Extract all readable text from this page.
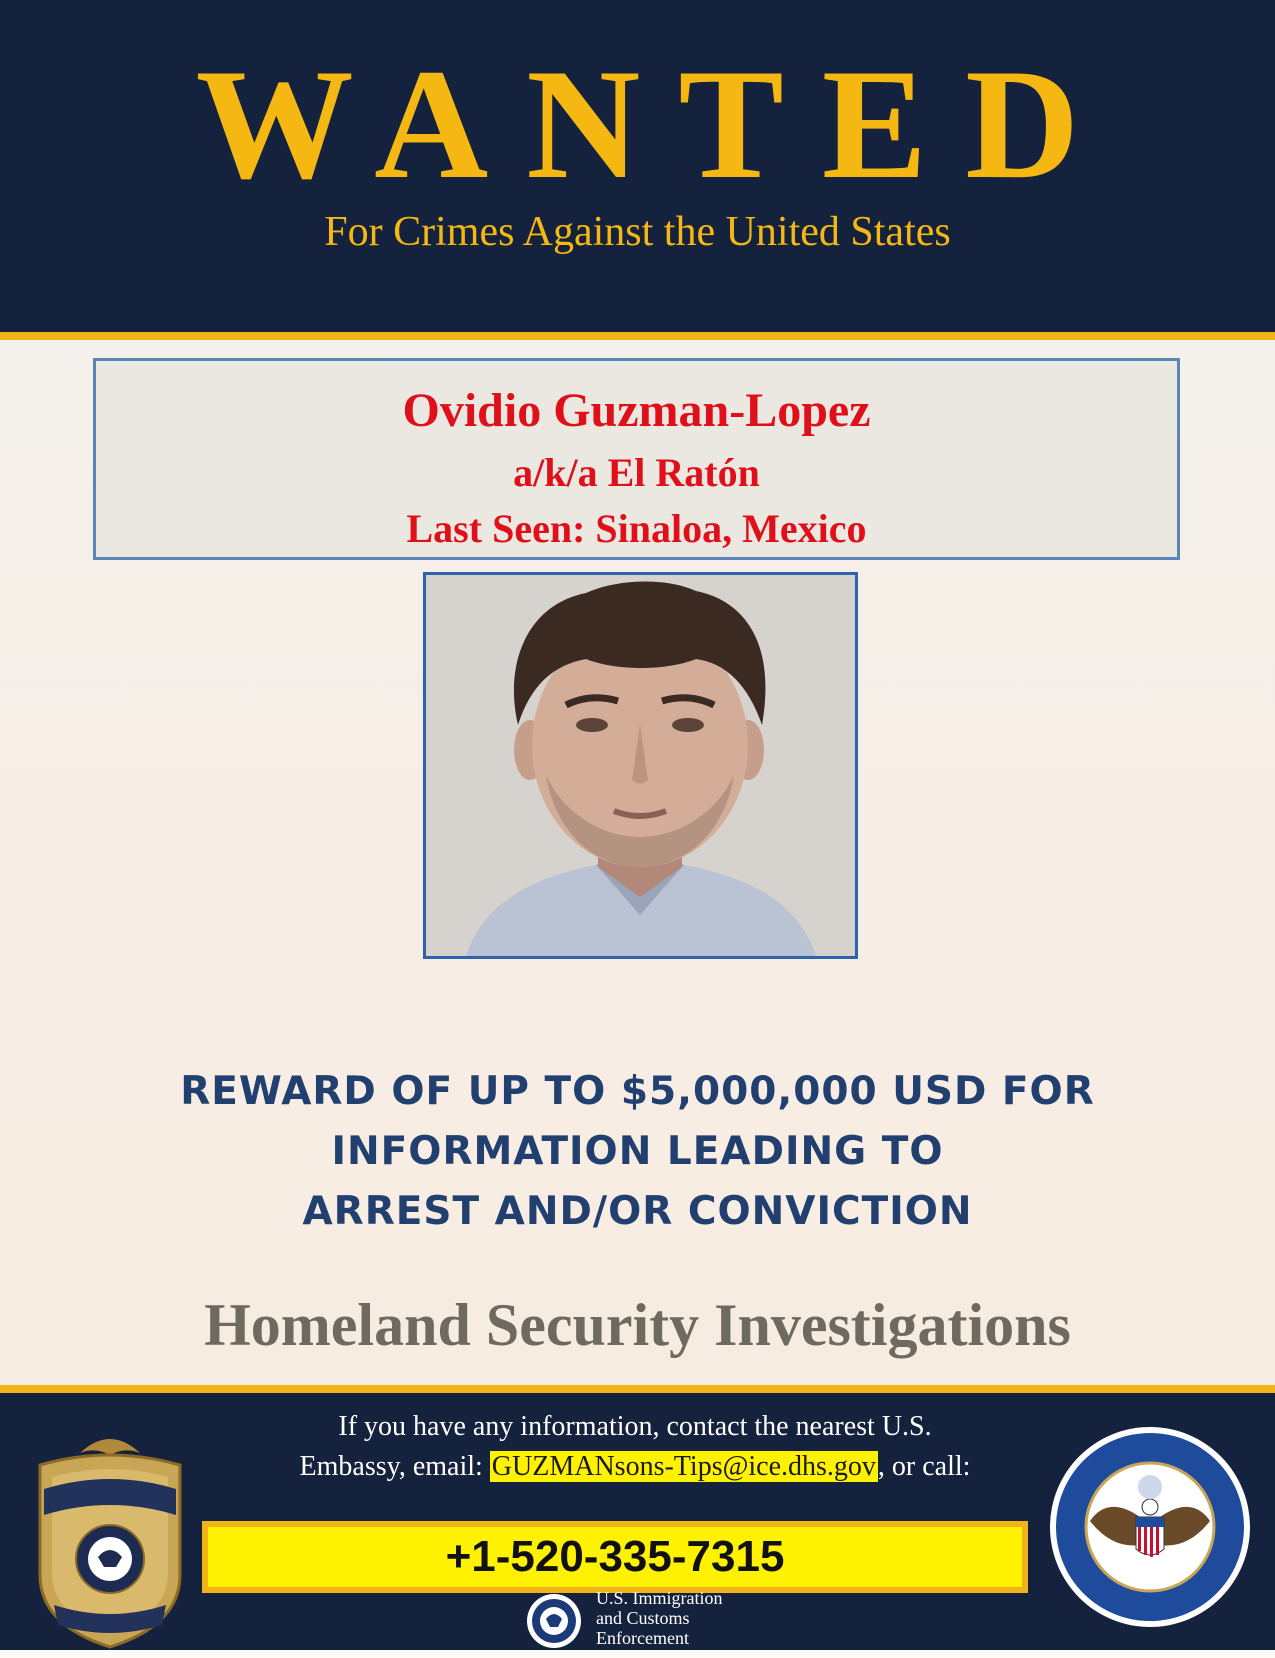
WANTED
For Crimes Against the United States
Ovidio Guzman-Lopez
a/k/a El Ratón
Last Seen: Sinaloa, Mexico
REWARD OF UP TO $5,000,000 USD FOR
INFORMATION LEADING TO
ARREST AND/OR CONVICTION
Homeland Security Investigations
If you have any information, contact the nearest U.S.
Embassy, email: GUZMANsons-Tips@ice.dhs.gov, or call:
+1-520-335-7315
U.S. Immigration
and Customs
Enforcement
